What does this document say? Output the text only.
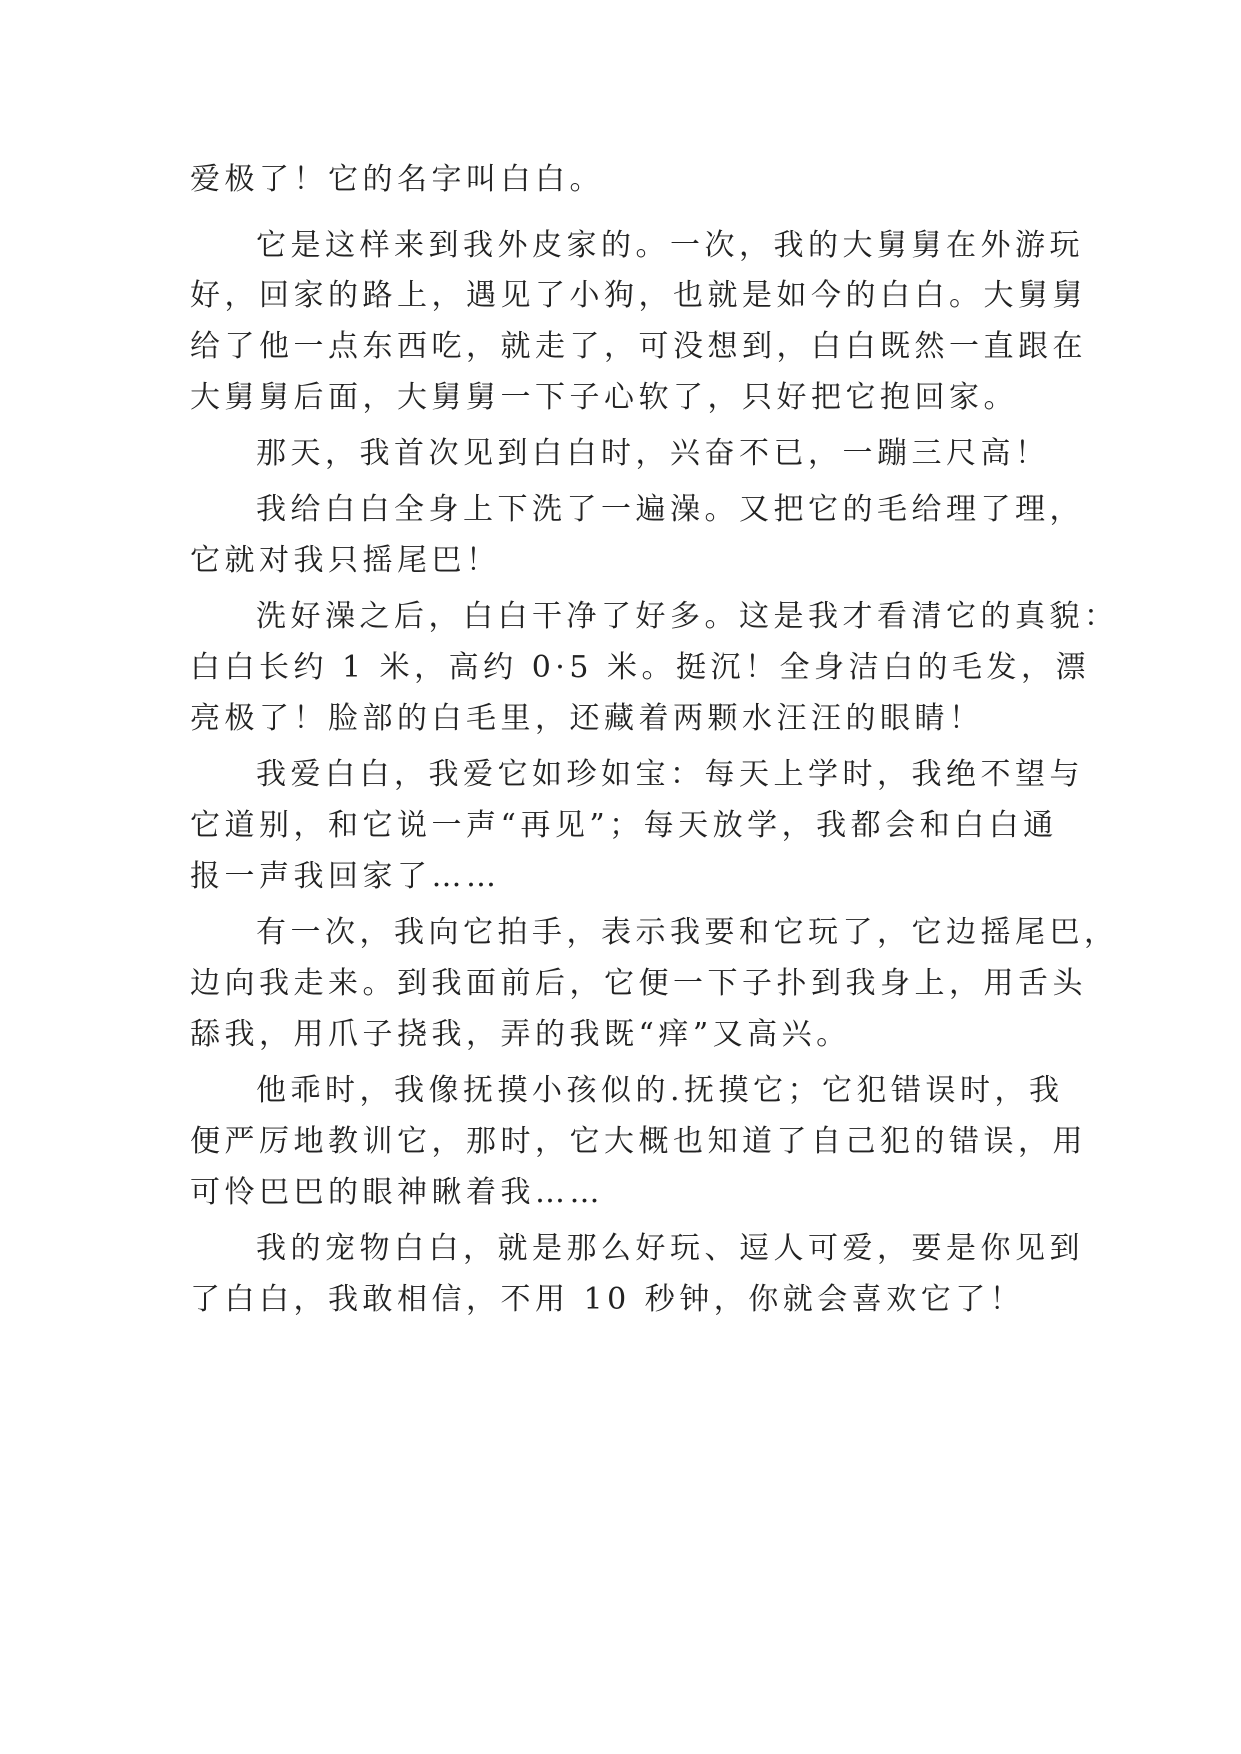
爱极了！它的名字叫白白。
它是这样来到我外皮家的。一次，我的大舅舅在外游玩
好，回家的路上，遇见了小狗，也就是如今的白白。大舅舅
给了他一点东西吃，就走了，可没想到，白白既然一直跟在
大舅舅后面，大舅舅一下子心软了，只好把它抱回家。
那天，我首次见到白白时，兴奋不已，一蹦三尺高！
我给白白全身上下洗了一遍澡。又把它的毛给理了理，
它就对我只摇尾巴！
洗好澡之后，白白干净了好多。这是我才看清它的真貌：
白白长约 1 米，高约 0·5 米。挺沉！全身洁白的毛发，漂
亮极了！脸部的白毛里，还藏着两颗水汪汪的眼睛！
我爱白白，我爱它如珍如宝：每天上学时，我绝不望与
它道别，和它说一声“再见”；每天放学，我都会和白白通
报一声我回家了……
有一次，我向它拍手，表示我要和它玩了，它边摇尾巴，
边向我走来。到我面前后，它便一下子扑到我身上，用舌头
舔我，用爪子挠我，弄的我既“痒”又高兴。
他乖时，我像抚摸小孩似的.抚摸它；它犯错误时，我
便严厉地教训它，那时，它大概也知道了自己犯的错误，用
可怜巴巴的眼神瞅着我……
我的宠物白白，就是那么好玩、逗人可爱，要是你见到
了白白，我敢相信，不用 10 秒钟，你就会喜欢它了！
